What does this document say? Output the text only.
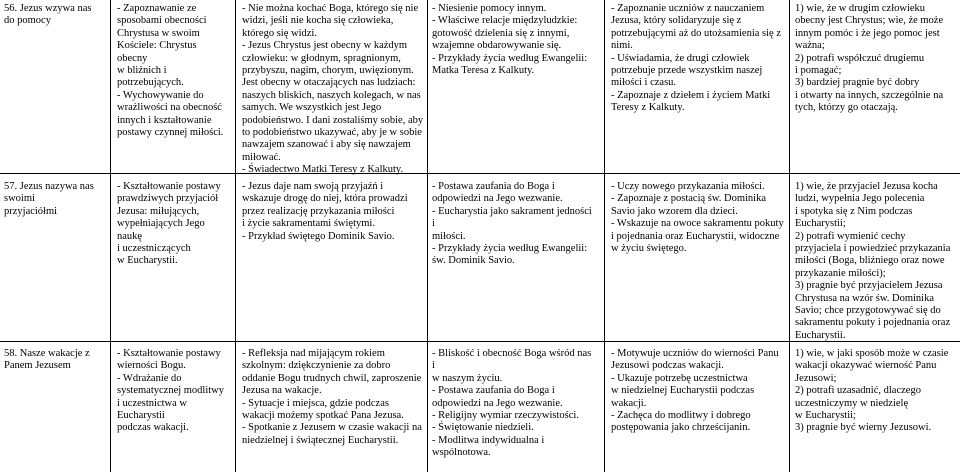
56. Jezus wzywa nas
do pomocy
- Zapoznawanie ze
sposobami obecności
Chrystusa w swoim
Kościele: Chrystus obecny
w bliźnich i potrzebujących.
- Wychowywanie do
wrażliwości na obecność
innych i kształtowanie
postawy czynnej miłości.
- Nie można kochać Boga, którego się nie
widzi, jeśli nie kocha się człowieka,
którego się widzi.
- Jezus Chrystus jest obecny w każdym
człowieku: w głodnym, spragnionym,
przybyszu, nagim, chorym, uwięzionym.
Jest obecny w otaczających nas ludziach:
naszych bliskich, naszych kolegach, w nas
samych. We wszystkich jest Jego
podobieństwo. I dani zostaliśmy sobie, aby
to podobieństwo ukazywać, aby je w sobie
nawzajem szanować i aby się nawzajem
miłować.
- Świadectwo Matki Teresy z Kalkuty.
- Niesienie pomocy innym.
- Właściwe relacje międzyludzkie:
gotowość dzielenia się z innymi,
wzajemne obdarowywanie się.
- Przykłady życia według Ewangelii:
Matka Teresa z Kalkuty.
- Zapoznanie uczniów z nauczaniem
Jezusa, który solidaryzuje się z
potrzebującymi aż do utożsamienia się z
nimi.
- Uświadamia, że drugi człowiek
potrzebuje przede wszystkim naszej
miłości i czasu.
- Zapoznaje z dziełem i życiem Matki
Teresy z Kalkuty.
1) wie, że w drugim człowieku
obecny jest Chrystus; wie, że może
innym pomóc i że jego pomoc jest
ważna;
2) potrafi współczuć drugiemu
i pomagać;
3) bardziej pragnie być dobry
i otwarty na innych, szczególnie na
tych, którzy go otaczają.
57. Jezus nazywa nas
swoimi
przyjaciółmi
- Kształtowanie postawy
prawdziwych przyjaciół
Jezusa: miłujących,
wypełniających Jego naukę
i uczestniczących
w Eucharystii.
- Jezus daje nam swoją przyjaźń i
wskazuje drogę do niej, która prowadzi
przez realizację przykazania miłości
i życie sakramentami świętymi.
- Przykład świętego Dominik Savio.
- Postawa zaufania do Boga i
odpowiedzi na Jego wezwanie.
- Eucharystia jako sakrament jedności i
miłości.
- Przykłady życia według Ewangelii:
św. Dominik Savio.
- Uczy nowego przykazania miłości.
- Zapoznaje z postacią św. Dominika
Savio jako wzorem dla dzieci.
- Wskazuje na owoce sakramentu pokuty
i pojednania oraz Eucharystii, widoczne
w życiu świętego.
1) wie, że przyjaciel Jezusa kocha
ludzi, wypełnia Jego polecenia
i spotyka się z Nim podczas
Eucharystii;
2) potrafi wymienić cechy
przyjaciela i powiedzieć przykazania
miłości (Boga, bliźniego oraz nowe
przykazanie miłości);
3) pragnie być przyjacielem Jezusa
Chrystusa na wzór św. Dominika
Savio; chce przygotowywać się do
sakramentu pokuty i pojednania oraz
Eucharystii.
58. Nasze wakacje z
Panem Jezusem
- Kształtowanie postawy
wierności Bogu.
- Wdrażanie do
systematycznej modlitwy
i uczestnictwa w Eucharystii
podczas wakacji.
- Refleksja nad mijającym rokiem
szkolnym: dziękczynienie za dobro
oddanie Bogu trudnych chwil, zaproszenie
Jezusa na wakacje.
- Sytuacje i miejsca, gdzie podczas
wakacji możemy spotkać Pana Jezusa.
- Spotkanie z Jezusem w czasie wakacji na
niedzielnej i świątecznej Eucharystii.
- Bliskość i obecność Boga wśród nas i
w naszym życiu.
- Postawa zaufania do Boga i
odpowiedzi na Jego wezwanie.
- Religijny wymiar rzeczywistości.
- Świętowanie niedzieli.
- Modlitwa indywidualna i
wspólnotowa.
- Motywuje uczniów do wierności Panu
Jezusowi podczas wakacji.
- Ukazuje potrzebę uczestnictwa
w niedzielnej Eucharystii podczas
wakacji.
- Zachęca do modlitwy i dobrego
postępowania jako chrześcijanin.
1) wie, w jaki sposób może w czasie
wakacji okazywać wierność Panu
Jezusowi;
2) potrafi uzasadnić, dlaczego
uczestniczymy w niedzielę
w Eucharystii;
3) pragnie być wierny Jezusowi.
